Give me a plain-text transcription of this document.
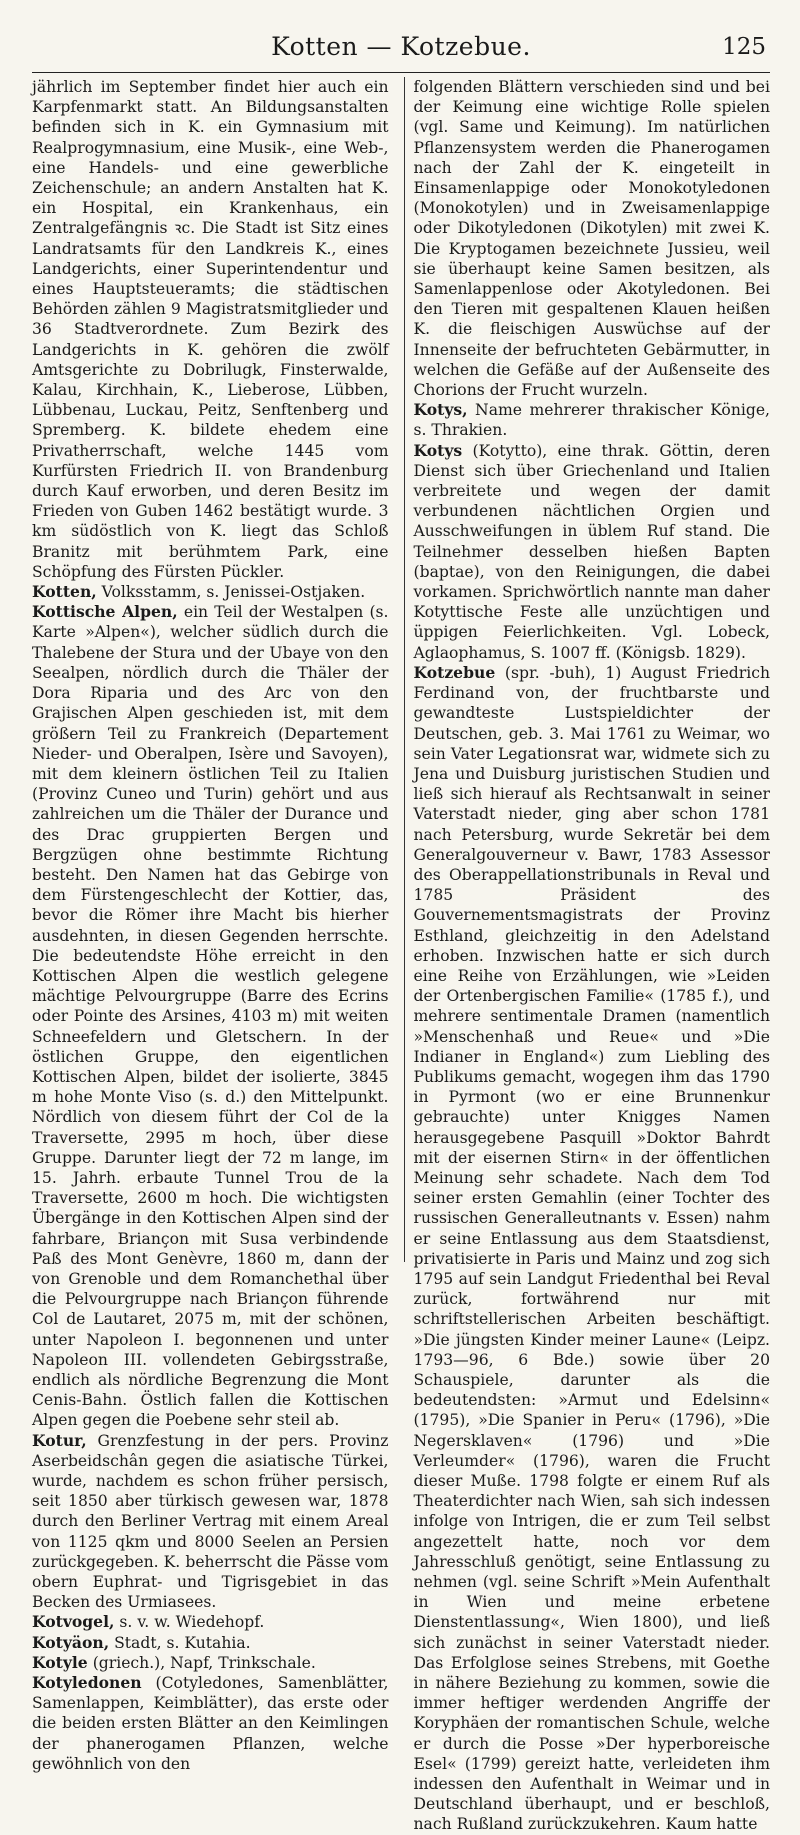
Kotten — Kotzebue.	125

jährlich im September findet hier auch ein Karpfenmarkt statt. An Bildungsanstalten befinden sich in K. ein Gymnasium mit Realprogymnasium, eine Musik-, eine Web-, eine Handels- und eine gewerbliche Zeichenschule; an andern Anstalten hat K. ein Hospital, ein Krankenhaus, ein Zentralgefängnis ꝛc. Die Stadt ist Sitz eines Landratsamts für den Landkreis K., eines Landgerichts, einer Superintendentur und eines Hauptsteueramts; die städtischen Behörden zählen 9 Magistratsmitglieder und 36 Stadtverordnete. Zum Bezirk des Landgerichts in K. gehören die zwölf Amtsgerichte zu Dobrilugk, Finsterwalde, Kalau, Kirchhain, K., Lieberose, Lübben, Lübbenau, Luckau, Peitz, Senftenberg und Spremberg. K. bildete ehedem eine Privatherrschaft, welche 1445 vom Kurfürsten Friedrich II. von Brandenburg durch Kauf erworben, und deren Besitz im Frieden von Guben 1462 bestätigt wurde. 3 km südöstlich von K. liegt das Schloß Branitz mit berühmtem Park, eine Schöpfung des Fürsten Pückler.

Kotten, Volksstamm, s. Jenissei-Ostjaken.

Kottische Alpen, ein Teil der Westalpen (s. Karte »Alpen«), welcher südlich durch die Thalebene der Stura und der Ubaye von den Seealpen, nördlich durch die Thäler der Dora Riparia und des Arc von den Grajischen Alpen geschieden ist, mit dem größern Teil zu Frankreich (Departement Nieder- und Oberalpen, Isère und Savoyen), mit dem kleinern östlichen Teil zu Italien (Provinz Cuneo und Turin) gehört und aus zahlreichen um die Thäler der Durance und des Drac gruppierten Bergen und Bergzügen ohne bestimmte Richtung besteht. Den Namen hat das Gebirge von dem Fürstengeschlecht der Kottier, das, bevor die Römer ihre Macht bis hierher ausdehnten, in diesen Gegenden herrschte. Die bedeutendste Höhe erreicht in den Kottischen Alpen die westlich gelegene mächtige Pelvourgruppe (Barre des Ecrins oder Pointe des Arsines, 4103 m) mit weiten Schneefeldern und Gletschern. In der östlichen Gruppe, den eigentlichen Kottischen Alpen, bildet der isolierte, 3845 m hohe Monte Viso (s. d.) den Mittelpunkt. Nördlich von diesem führt der Col de la Traversette, 2995 m hoch, über diese Gruppe. Darunter liegt der 72 m lange, im 15. Jahrh. erbaute Tunnel Trou de la Traversette, 2600 m hoch. Die wichtigsten Übergänge in den Kottischen Alpen sind der fahrbare, Briançon mit Susa verbindende Paß des Mont Genèvre, 1860 m, dann der von Grenoble und dem Romanchethal über die Pelvourgruppe nach Briançon führende Col de Lautaret, 2075 m, mit der schönen, unter Napoleon I. begonnenen und unter Napoleon III. vollendeten Gebirgsstraße, endlich als nördliche Begrenzung die Mont Cenis-Bahn. Östlich fallen die Kottischen Alpen gegen die Poebene sehr steil ab.

Kotur, Grenzfestung in der pers. Provinz Aserbeidschân gegen die asiatische Türkei, wurde, nachdem es schon früher persisch, seit 1850 aber türkisch gewesen war, 1878 durch den Berliner Vertrag mit einem Areal von 1125 qkm und 8000 Seelen an Persien zurückgegeben. K. beherrscht die Pässe vom obern Euphrat- und Tigrisgebiet in das Becken des Urmiasees.

Kotvogel, s. v. w. Wiedehopf.

Kotyäon, Stadt, s. Kutahia.

Kotyle (griech.), Napf, Trinkschale.

Kotyledonen (Cotyledones, Samenblätter, Samenlappen, Keimblätter), das erste oder die beiden ersten Blätter an den Keimlingen der phanerogamen Pflanzen, welche gewöhnlich von den

folgenden Blättern verschieden sind und bei der Keimung eine wichtige Rolle spielen (vgl. Same und Keimung). Im natürlichen Pflanzensystem werden die Phanerogamen nach der Zahl der K. eingeteilt in Einsamenlappige oder Monokotyledonen (Monokotylen) und in Zweisamenlappige oder Dikotyledonen (Dikotylen) mit zwei K. Die Kryptogamen bezeichnete Jussieu, weil sie überhaupt keine Samen besitzen, als Samenlappenlose oder Akotyledonen. Bei den Tieren mit gespaltenen Klauen heißen K. die fleischigen Auswüchse auf der Innenseite der befruchteten Gebärmutter, in welchen die Gefäße auf der Außenseite des Chorions der Frucht wurzeln.

Kotys, Name mehrerer thrakischer Könige, s. Thrakien.

Kotys (Kotytto), eine thrak. Göttin, deren Dienst sich über Griechenland und Italien verbreitete und wegen der damit verbundenen nächtlichen Orgien und Ausschweifungen in üblem Ruf stand. Die Teilnehmer desselben hießen Bapten (baptae), von den Reinigungen, die dabei vorkamen. Sprichwörtlich nannte man daher Kotyttische Feste alle unzüchtigen und üppigen Feierlichkeiten. Vgl. Lobeck, Aglaophamus, S. 1007 ff. (Königsb. 1829).

Kotzebue (spr. -buh), 1) August Friedrich Ferdinand von, der fruchtbarste und gewandteste Lustspieldichter der Deutschen, geb. 3. Mai 1761 zu Weimar, wo sein Vater Legationsrat war, widmete sich zu Jena und Duisburg juristischen Studien und ließ sich hierauf als Rechtsanwalt in seiner Vaterstadt nieder, ging aber schon 1781 nach Petersburg, wurde Sekretär bei dem Generalgouverneur v. Bawr, 1783 Assessor des Oberappellationstribunals in Reval und 1785 Präsident des Gouvernementsmagistrats der Provinz Esthland, gleichzeitig in den Adelstand erhoben. Inzwischen hatte er sich durch eine Reihe von Erzählungen, wie »Leiden der Ortenbergischen Familie« (1785 f.), und mehrere sentimentale Dramen (namentlich »Menschenhaß und Reue« und »Die Indianer in England«) zum Liebling des Publikums gemacht, wogegen ihm das 1790 in Pyrmont (wo er eine Brunnenkur gebrauchte) unter Knigges Namen herausgegebene Pasquill »Doktor Bahrdt mit der eisernen Stirn« in der öffentlichen Meinung sehr schadete. Nach dem Tod seiner ersten Gemahlin (einer Tochter des russischen Generalleutnants v. Essen) nahm er seine Entlassung aus dem Staatsdienst, privatisierte in Paris und Mainz und zog sich 1795 auf sein Landgut Friedenthal bei Reval zurück, fortwährend nur mit schriftstellerischen Arbeiten beschäftigt. »Die jüngsten Kinder meiner Laune« (Leipz. 1793—96, 6 Bde.) sowie über 20 Schauspiele, darunter als die bedeutendsten: »Armut und Edelsinn« (1795), »Die Spanier in Peru« (1796), »Die Negersklaven« (1796) und »Die Verleumder« (1796), waren die Frucht dieser Muße. 1798 folgte er einem Ruf als Theaterdichter nach Wien, sah sich indessen infolge von Intrigen, die er zum Teil selbst angezettelt hatte, noch vor dem Jahresschluß genötigt, seine Entlassung zu nehmen (vgl. seine Schrift »Mein Aufenthalt in Wien und meine erbetene Dienstentlassung«, Wien 1800), und ließ sich zunächst in seiner Vaterstadt nieder. Das Erfolglose seines Strebens, mit Goethe in nähere Beziehung zu kommen, sowie die immer heftiger werdenden Angriffe der Koryphäen der romantischen Schule, welche er durch die Posse »Der hyperboreische Esel« (1799) gereizt hatte, verleideten ihm indessen den Aufenthalt in Weimar und in Deutschland überhaupt, und er beschloß, nach Rußland zurückzukehren. Kaum hatte
